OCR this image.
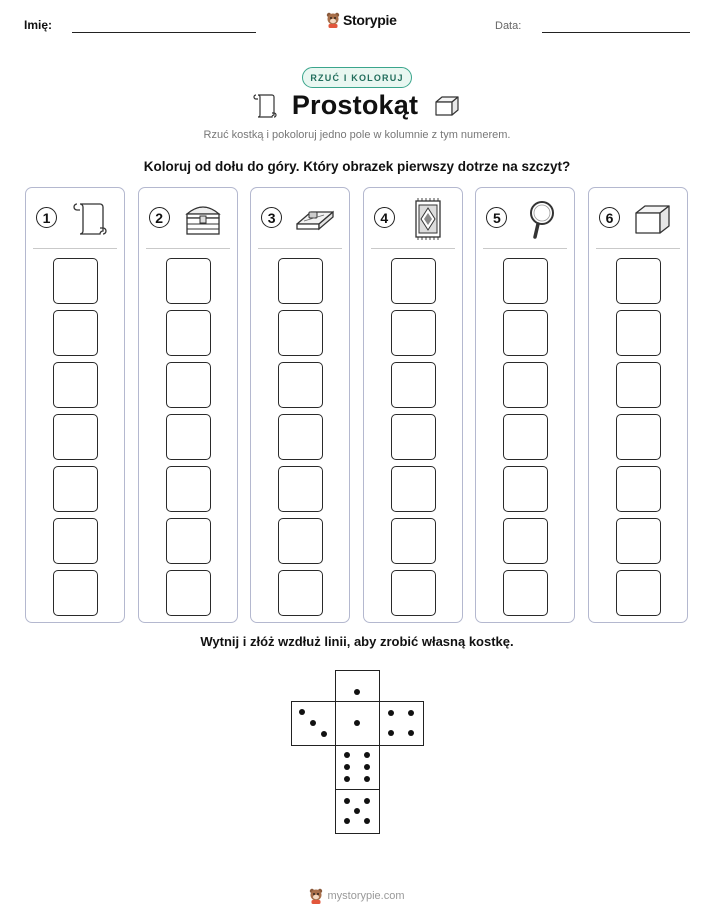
Imię:	Storypie	Data:
RZUĆ I KOLORUJ
Prostokąt
Rzuć kostką i pokoloruj jedno pole w kolumnie z tym numerem.
Koloruj od dołu do góry. Który obrazek pierwszy dotrze na szczyt?
1	2	3	4	5	6
Wytnij i złóż wzdłuż linii, aby zrobić własną kostkę.
mystorypie.com
